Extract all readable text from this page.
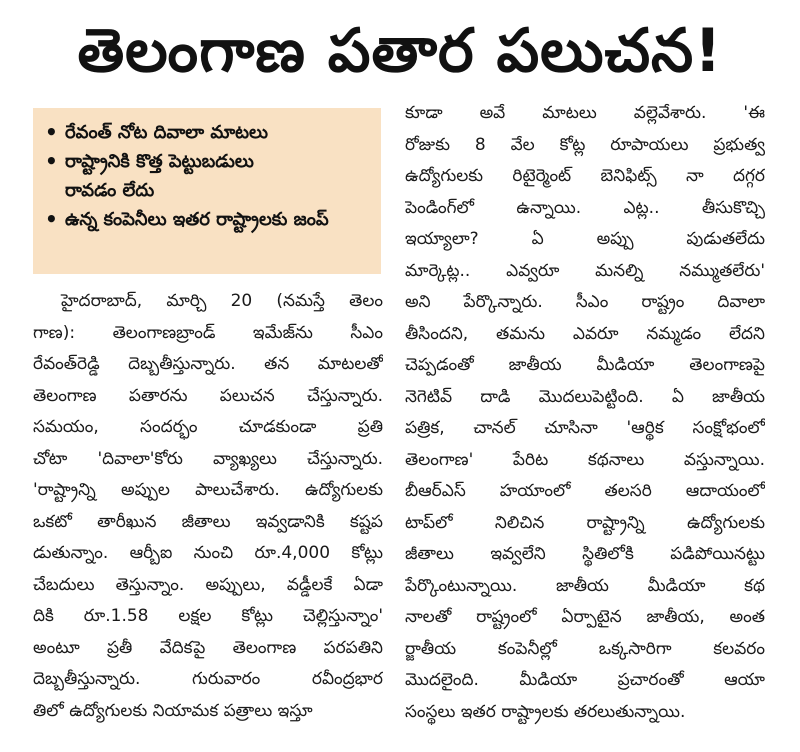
తెలంగాణ పతార పలుచన!
• రేవంత్ నోట దివాలా మాటలు
• రాష్ట్రానికి కొత్త పెట్టుబడులు
రావడం లేదు
• ఉన్న కంపెనీలు ఇతర రాష్ట్రాలకు జంప్
హైదరాబాద్, మార్చి 20 (నమస్తే తెలం
గాణ): తెలంగాణబ్రాండ్ ఇమేజ్‌ను సీఎం
రేవంత్‌రెడ్డి దెబ్బతీస్తున్నారు. తన మాటలతో
తెలంగాణ పతారను పలుచన చేస్తున్నారు.
సమయం, సందర్భం చూడకుండా ప్రతి
చోటా 'దివాలా'కోరు వ్యాఖ్యలు చేస్తున్నారు.
'రాష్ట్రాన్ని అప్పుల పాలుచేశారు. ఉద్యోగులకు
ఒకటో తారీఖున జీతాలు ఇవ్వడానికి కష్టప
డుతున్నాం. ఆర్బీఐ నుంచి రూ.4,000 కోట్లు
చేబదులు తెస్తున్నాం. అప్పులు, వడ్డీలకే ఏడా
దికి రూ.1.58 లక్షల కోట్లు చెల్లిస్తున్నాం'
అంటూ ప్రతీ వేదికపై తెలంగాణ పరపతిని
దెబ్బతీస్తున్నారు. గురువారం రవీంద్రభార
తిలో ఉద్యోగులకు నియామక పత్రాలు ఇస్తూ
కూడా అవే మాటలు వల్లెవేశారు. 'ఈ
రోజుకు 8 వేల కోట్ల రూపాయలు ప్రభుత్వ
ఉద్యోగులకు రిటైర్మెంట్ బెనిఫిట్స్ నా దగ్గర
పెండింగ్‌లో ఉన్నాయి. ఎట్ల.. తీసుకొచ్చి
ఇయ్యాలా? ఏ అప్పు పుడుతలేదు
మార్కెట్ల.. ఎవ్వరూ మనల్ని నమ్ముతలేరు'
అని పేర్కొన్నారు. సీఎం రాష్ట్రం దివాలా
తీసిందని, తమను ఎవరూ నమ్మడం లేదని
చెప్పడంతో జాతీయ మీడియా తెలంగాణపై
నెగెటివ్ దాడి మొదలుపెట్టింది. ఏ జాతీయ
పత్రిక, చానల్ చూసినా 'ఆర్థిక సంక్షోభంలో
తెలంగాణ' పేరిట కథనాలు వస్తున్నాయి.
బీఆర్‌ఎస్ హయాంలో తలసరి ఆదాయంలో
టాప్‌లో నిలిచిన రాష్ట్రాన్ని ఉద్యోగులకు
జీతాలు ఇవ్వలేని స్థితిలోకి పడిపోయినట్టు
పేర్కొంటున్నాయి. జాతీయ మీడియా కథ
నాలతో రాష్ట్రంలో ఏర్పాటైన జాతీయ, అంత
ర్జాతీయ కంపెనీల్లో ఒక్కసారిగా కలవరం
మొదలైంది. మీడియా ప్రచారంతో ఆయా
సంస్థలు ఇతర రాష్ట్రాలకు తరలుతున్నాయి.
